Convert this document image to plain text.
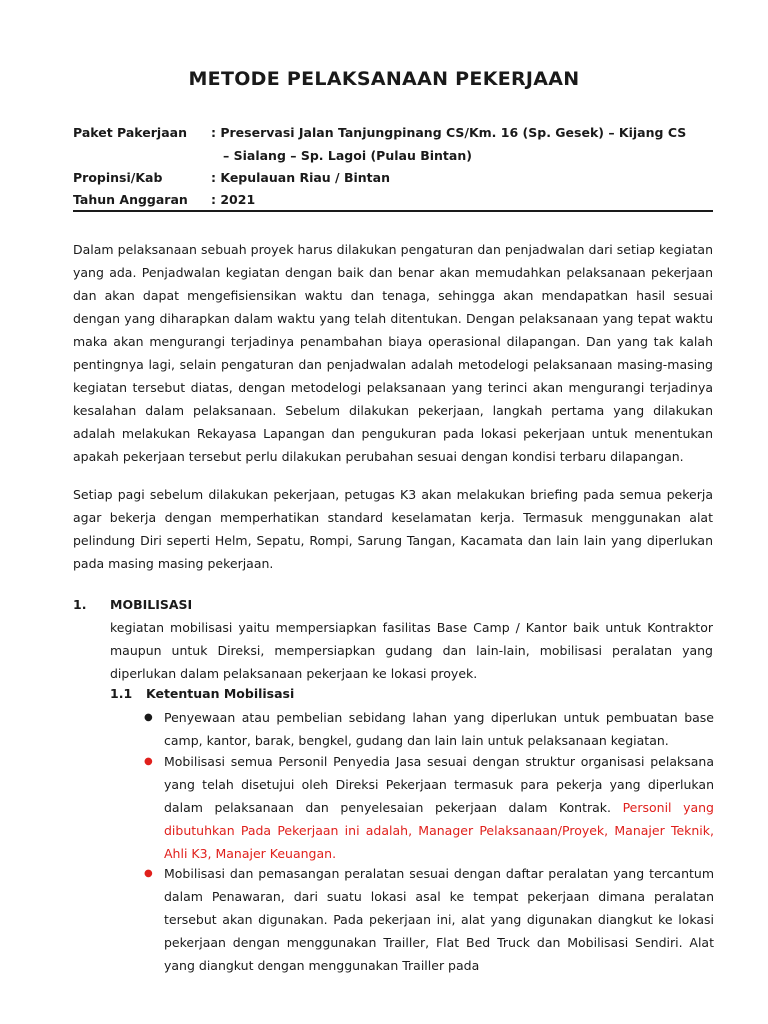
METODE PELAKSANAAN PEKERJAAN
Paket Pakerjaan : Preservasi Jalan Tanjungpinang CS/Km. 16 (Sp. Gesek) – Kijang CS
– Sialang – Sp. Lagoi (Pulau Bintan)
Propinsi/Kab	: Kepulauan Riau / Bintan
Tahun Anggaran : 2021
Dalam pelaksanaan sebuah proyek harus dilakukan pengaturan dan penjadwalan dari setiap kegiatan yang ada. Penjadwalan kegiatan dengan baik dan benar akan memudahkan pelaksanaan pekerjaan dan akan dapat mengefisiensikan waktu dan tenaga, sehingga akan mendapatkan hasil sesuai dengan yang diharapkan dalam waktu yang telah ditentukan. Dengan pelaksanaan yang tepat waktu maka akan mengurangi terjadinya penambahan biaya operasional dilapangan. Dan yang tak kalah pentingnya lagi, selain pengaturan dan penjadwalan adalah metodelogi pelaksanaan masing-masing kegiatan tersebut diatas, dengan metodelogi pelaksanaan yang terinci akan mengurangi terjadinya kesalahan dalam pelaksanaan. Sebelum dilakukan pekerjaan, langkah pertama yang dilakukan adalah melakukan Rekayasa Lapangan dan pengukuran pada lokasi pekerjaan untuk menentukan apakah pekerjaan tersebut perlu dilakukan perubahan sesuai dengan kondisi terbaru dilapangan.
Setiap pagi sebelum dilakukan pekerjaan, petugas K3 akan melakukan briefing pada semua pekerja agar bekerja dengan memperhatikan standard keselamatan kerja. Termasuk menggunakan alat pelindung Diri seperti Helm, Sepatu, Rompi, Sarung Tangan, Kacamata dan lain lain yang diperlukan pada masing masing pekerjaan.
1. MOBILISASI
kegiatan mobilisasi yaitu mempersiapkan fasilitas Base Camp / Kantor baik untuk Kontraktor maupun untuk Direksi, mempersiapkan gudang dan lain-lain, mobilisasi peralatan yang diperlukan dalam pelaksanaan pekerjaan ke lokasi proyek.
1.1 Ketentuan Mobilisasi
● Penyewaan atau pembelian sebidang lahan yang diperlukan untuk pembuatan base camp, kantor, barak, bengkel, gudang dan lain lain untuk pelaksanaan kegiatan.
● Mobilisasi semua Personil Penyedia Jasa sesuai dengan struktur organisasi pelaksana yang telah disetujui oleh Direksi Pekerjaan termasuk para pekerja yang diperlukan dalam pelaksanaan dan penyelesaian pekerjaan dalam Kontrak. Personil yang dibutuhkan Pada Pekerjaan ini adalah, Manager Pelaksanaan/Proyek, Manajer Teknik, Ahli K3, Manajer Keuangan.
● Mobilisasi dan pemasangan peralatan sesuai dengan daftar peralatan yang tercantum dalam Penawaran, dari suatu lokasi asal ke tempat pekerjaan dimana peralatan tersebut akan digunakan. Pada pekerjaan ini, alat yang digunakan diangkut ke lokasi pekerjaan dengan menggunakan Trailler, Flat Bed Truck dan Mobilisasi Sendiri. Alat yang diangkut dengan menggunakan Trailler pada
